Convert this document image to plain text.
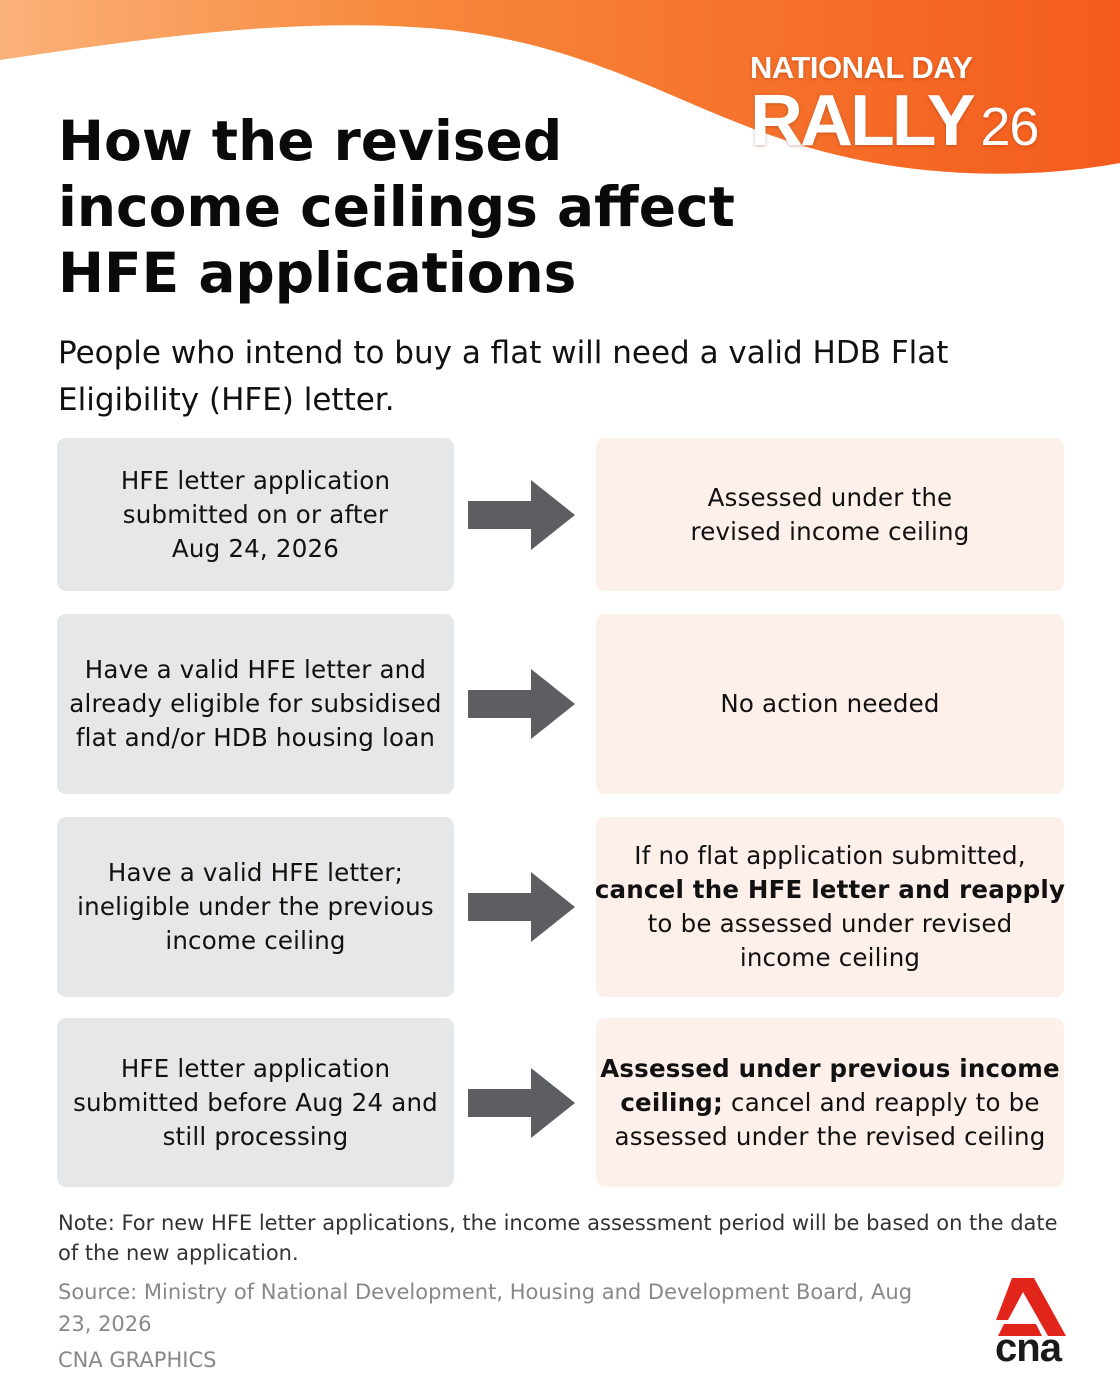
NATIONAL DAY
RALLY 26
How the revised
income ceilings affect
HFE applications

People who intend to buy a flat will need a valid HDB Flat Eligibility (HFE) letter.

HFE letter application
submitted on or after
Aug 24, 2026

Assessed under the
revised income ceiling

Have a valid HFE letter and
already eligible for subsidised
flat and/or HDB housing loan

No action needed

Have a valid HFE letter;
ineligible under the previous
income ceiling

If no flat application submitted,
cancel the HFE letter and reapply
to be assessed under revised
income ceiling

HFE letter application
submitted before Aug 24 and
still processing

Assessed under previous income
ceiling; cancel and reapply to be
assessed under the revised ceiling

Note: For new HFE letter applications, the income assessment period will be based on the date of the new application.

Source: Ministry of National Development, Housing and Development Board, Aug 23, 2026

CNA GRAPHICS	cna
